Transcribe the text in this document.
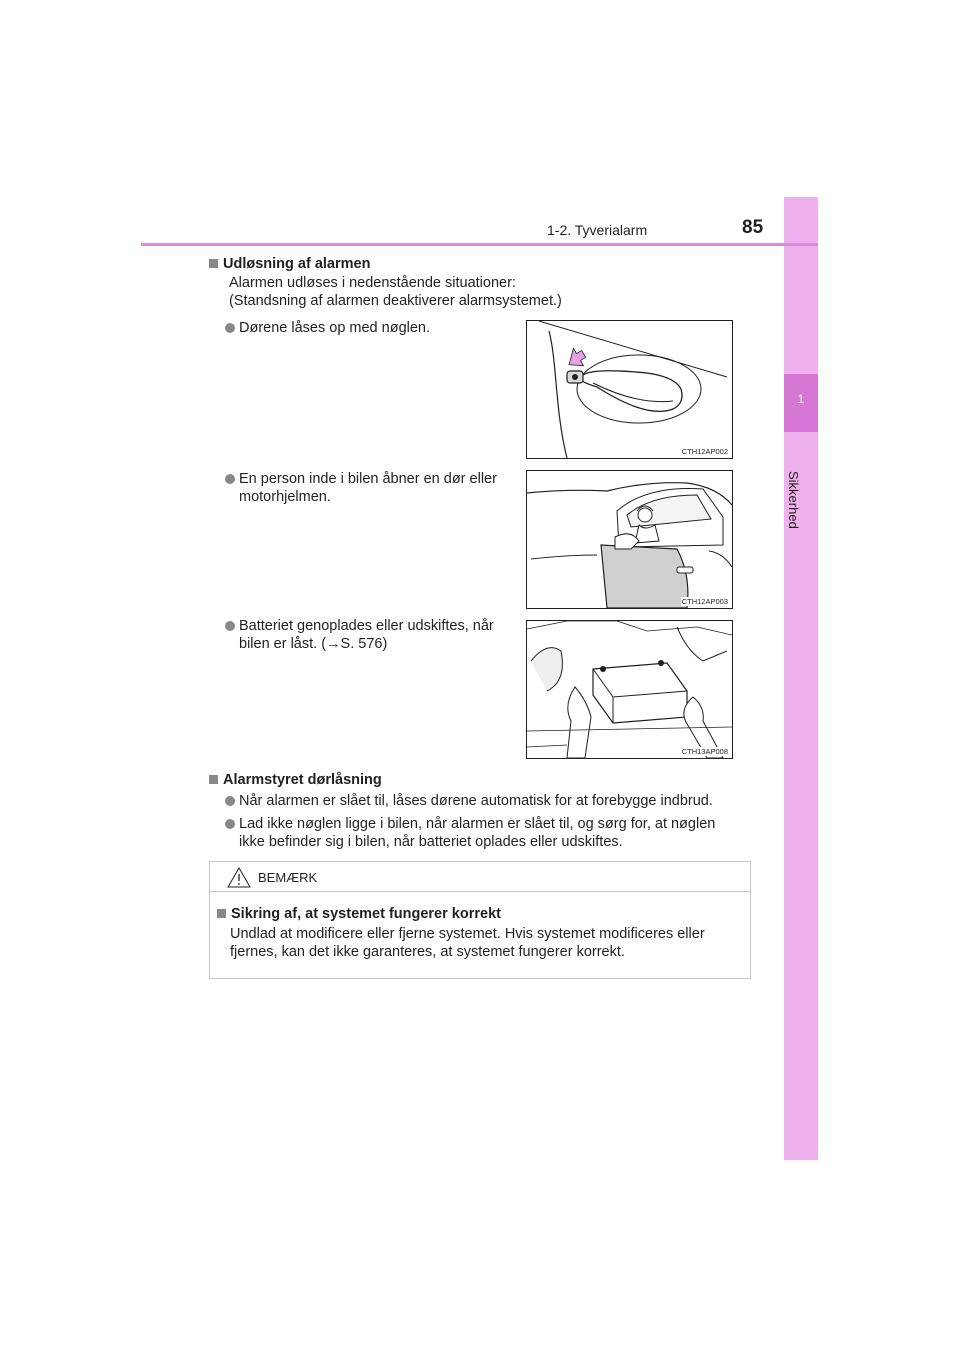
1
Sikkerhed
1-2. Tyverialarm	85
Udløsning af alarmen
Alarmen udløses i nedenstående situationer:
(Standsning af alarmen deaktiverer alarmsystemet.)
Dørene låses op med nøglen.
CTH12AP002
En person inde i bilen åbner en dør eller
motorhjelmen.
CTH12AP003
Batteriet genoplades eller udskiftes, når
bilen er låst. (→S. 576)
CTH13AP008
Alarmstyret dørlåsning
Når alarmen er slået til, låses dørene automatisk for at forebygge indbrud.
Lad ikke nøglen ligge i bilen, når alarmen er slået til, og sørg for, at nøglen
ikke befinder sig i bilen, når batteriet oplades eller udskiftes.
BEMÆRK
Sikring af, at systemet fungerer korrekt
Undlad at modificere eller fjerne systemet. Hvis systemet modificeres eller
fjernes, kan det ikke garanteres, at systemet fungerer korrekt.
